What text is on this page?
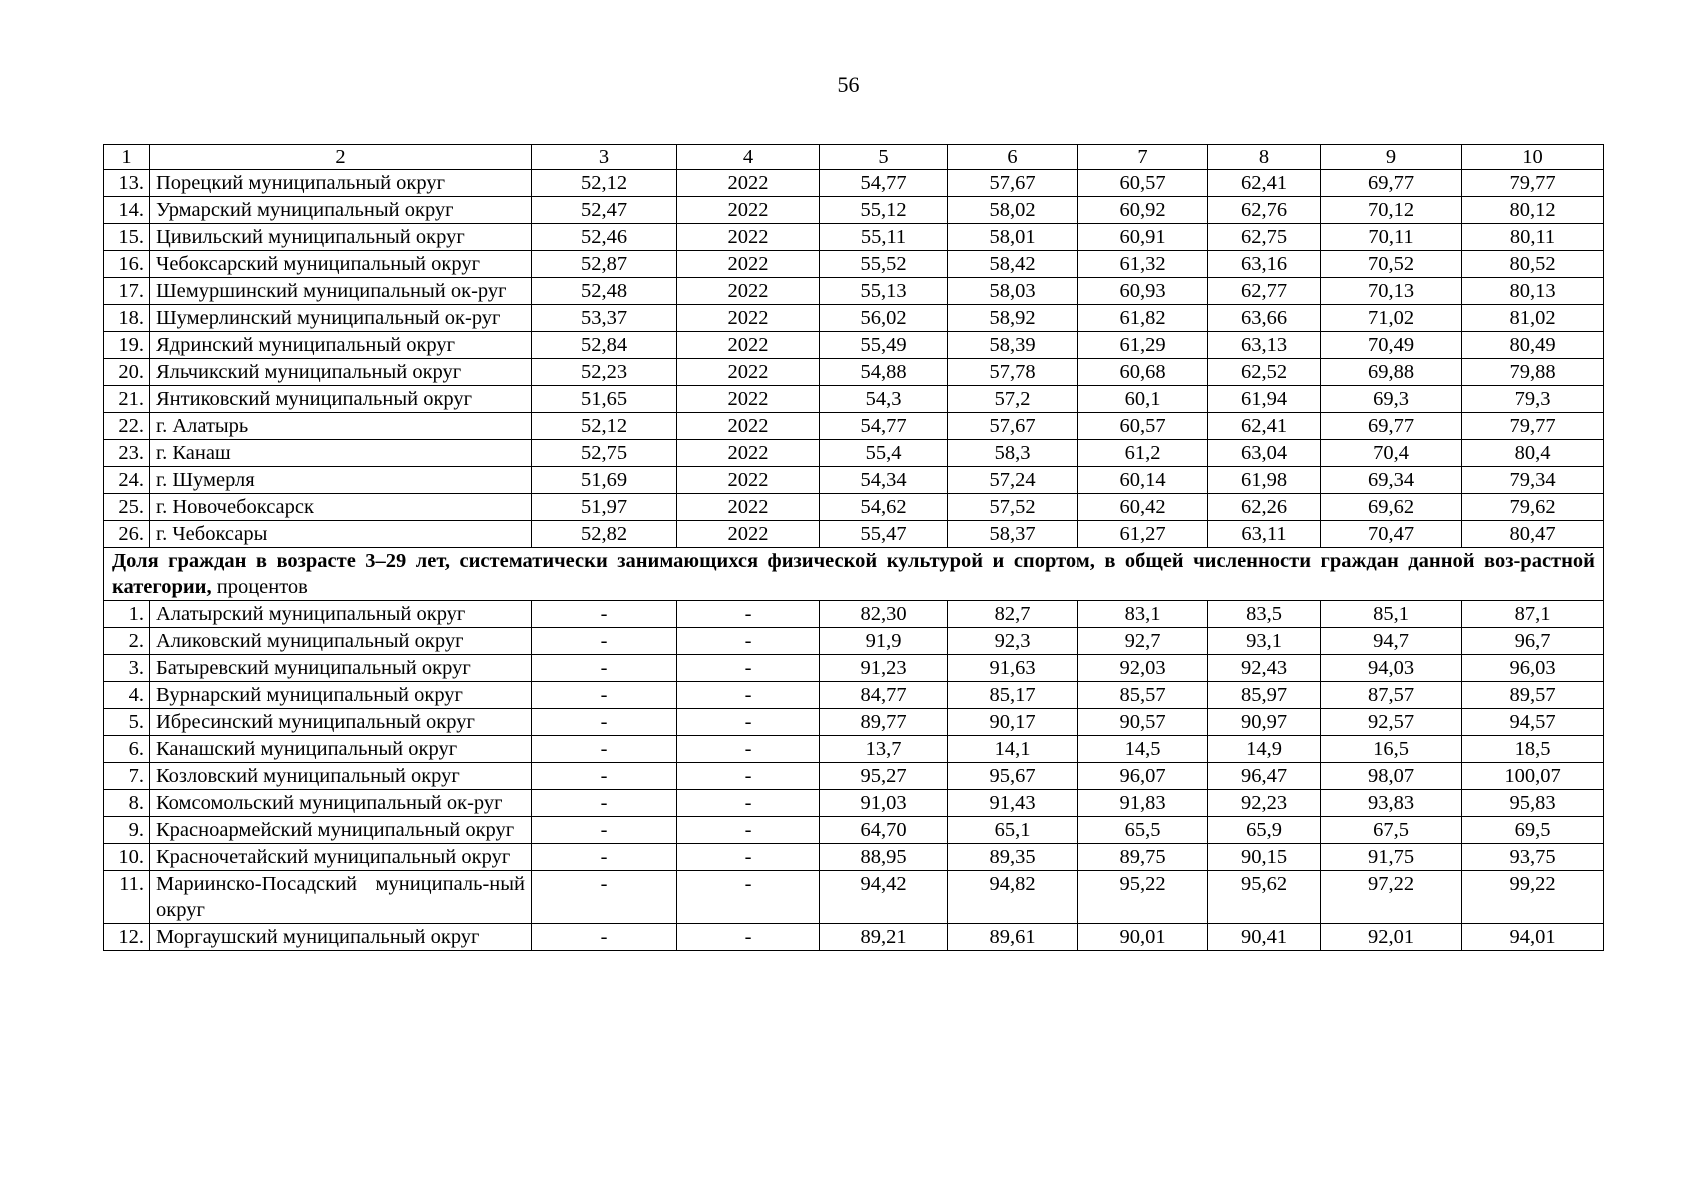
56
1	2	3	4	5	6	7	8	9	10
13.	Порецкий муниципальный округ	52,12	2022	54,77	57,67	60,57	62,41	69,77	79,77
14.	Урмарский муниципальный округ	52,47	2022	55,12	58,02	60,92	62,76	70,12	80,12
15.	Цивильский муниципальный округ	52,46	2022	55,11	58,01	60,91	62,75	70,11	80,11
16.	Чебоксарский муниципальный округ	52,87	2022	55,52	58,42	61,32	63,16	70,52	80,52
17.	Шемуршинский муниципальный ок-руг	52,48	2022	55,13	58,03	60,93	62,77	70,13	80,13
18.	Шумерлинский муниципальный ок-руг	53,37	2022	56,02	58,92	61,82	63,66	71,02	81,02
19.	Ядринский муниципальный округ	52,84	2022	55,49	58,39	61,29	63,13	70,49	80,49
20.	Яльчикский муниципальный округ	52,23	2022	54,88	57,78	60,68	62,52	69,88	79,88
21.	Янтиковский муниципальный округ	51,65	2022	54,3	57,2	60,1	61,94	69,3	79,3
22.	г. Алатырь	52,12	2022	54,77	57,67	60,57	62,41	69,77	79,77
23.	г. Канаш	52,75	2022	55,4	58,3	61,2	63,04	70,4	80,4
24.	г. Шумерля	51,69	2022	54,34	57,24	60,14	61,98	69,34	79,34
25.	г. Новочебоксарск	51,97	2022	54,62	57,52	60,42	62,26	69,62	79,62
26.	г. Чебоксары	52,82	2022	55,47	58,37	61,27	63,11	70,47	80,47
Доля граждан в возрасте 3–29 лет, систематически занимающихся физической культурой и спортом, в общей численности граждан данной воз-растной категории, процентов									
1.	Алатырский муниципальный округ	-	-	82,30	82,7	83,1	83,5	85,1	87,1
2.	Аликовский муниципальный округ	-	-	91,9	92,3	92,7	93,1	94,7	96,7
3.	Батыревский муниципальный округ	-	-	91,23	91,63	92,03	92,43	94,03	96,03
4.	Вурнарский муниципальный округ	-	-	84,77	85,17	85,57	85,97	87,57	89,57
5.	Ибресинский муниципальный округ	-	-	89,77	90,17	90,57	90,97	92,57	94,57
6.	Канашский муниципальный округ	-	-	13,7	14,1	14,5	14,9	16,5	18,5
7.	Козловский муниципальный округ	-	-	95,27	95,67	96,07	96,47	98,07	100,07
8.	Комсомольский муниципальный ок-руг	-	-	91,03	91,43	91,83	92,23	93,83	95,83
9.	Красноармейский муниципальный округ	-	-	64,70	65,1	65,5	65,9	67,5	69,5
10.	Красночетайский муниципальный округ	-	-	88,95	89,35	89,75	90,15	91,75	93,75
11.	Мариинско-Посадский муниципаль-ный округ	-	-	94,42	94,82	95,22	95,62	97,22	99,22
12.	Моргаушский муниципальный округ	-	-	89,21	89,61	90,01	90,41	92,01	94,01
